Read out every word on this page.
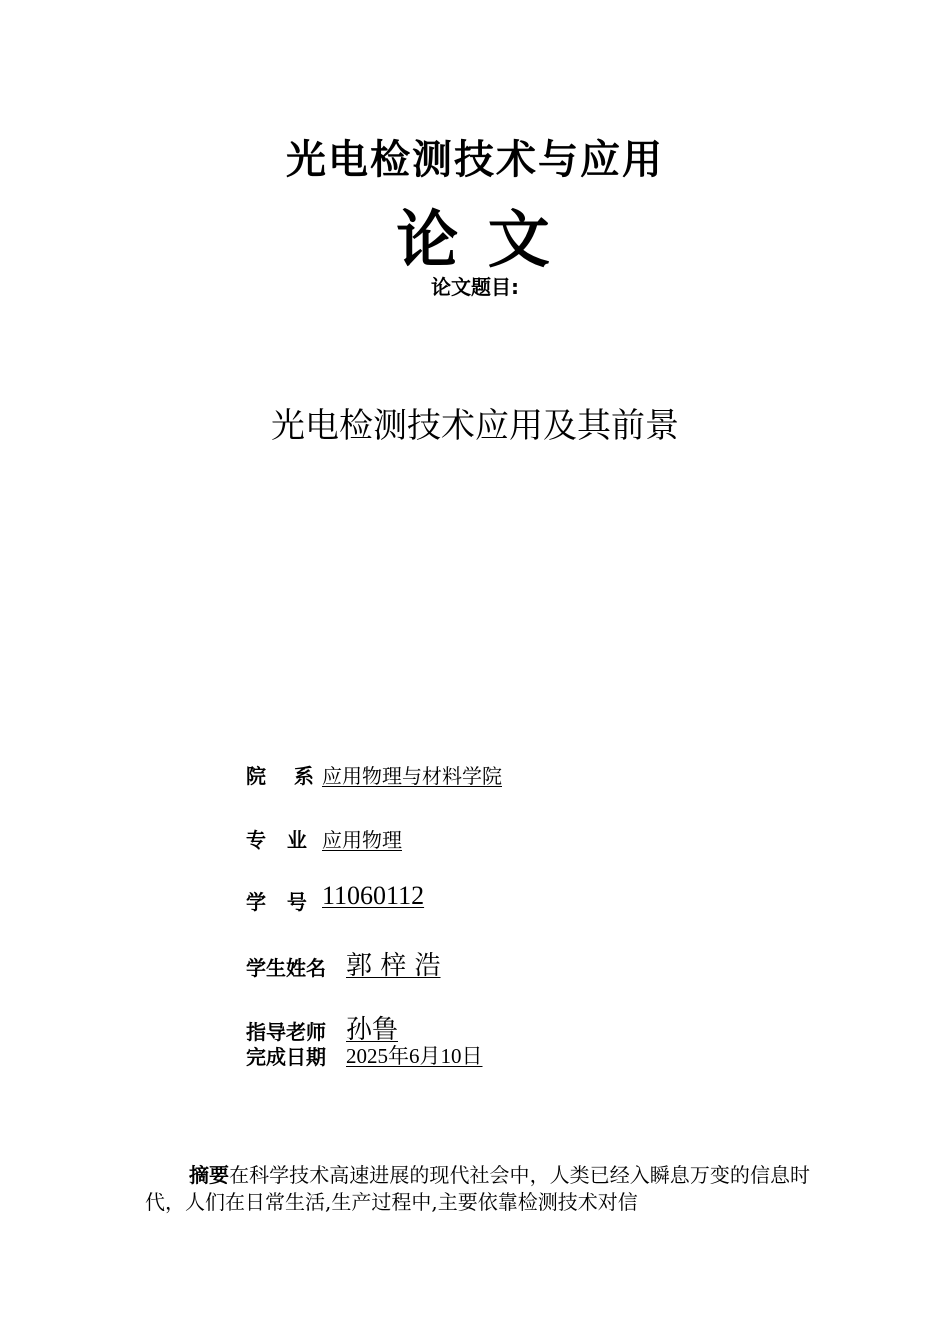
光电检测技术与应用
论 文
论文题目:
光电检测技术应用及其前景
院    系 应用物理与材料学院
专   业 应用物理
学   号 11060112
学生姓名 郭 梓 浩
指导老师 孙鲁
完成日期 2025年6月10日
摘要在科学技术高速进展的现代社会中，人类已经入瞬息万变的信息时代，人们在日常生活,生产过程中,主要依靠检测技术对信
